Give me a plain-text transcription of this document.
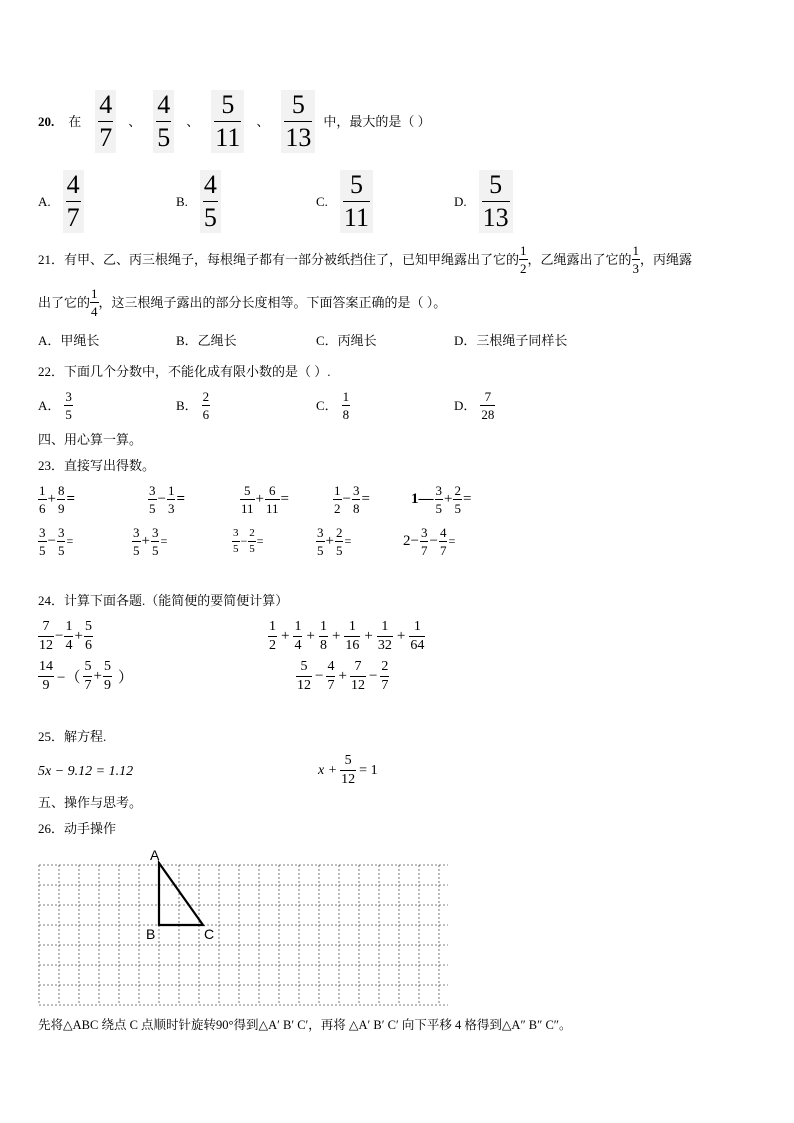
20. 在 $\frac{4}{7}$ 、 $\frac{4}{5}$ 、 $\frac{5}{11}$ 、 $\frac{5}{13}$ 中，最大的是（ ）
A. $\frac{4}{7}$	B. $\frac{4}{5}$	C. $\frac{5}{11}$	D. $\frac{5}{13}$
21．有甲、乙、丙三根绳子，每根绳子都有一部分被纸挡住了，已知甲绳露出了它的 $\frac{1}{2}$ ，乙绳露出了它的 $\frac{1}{3}$ ，丙绳露
出了它的 $\frac{1}{4}$ ，这三根绳子露出的部分长度相等。下面答案正确的是（ ）。
A．甲绳长	B．乙绳长	C．丙绳长	D．三根绳子同样长
22．下面几个分数中，不能化成有限小数的是（ ）.
A． $\frac{3}{5}$	B． $\frac{2}{6}$	C． $\frac{1}{8}$	D． $\frac{7}{28}$
四、用心算一算。
23．直接写出得数。
$\frac{1}{6} + \frac{8}{9}$ =	$\frac{3}{5} - \frac{1}{3}$ =	$\frac{5}{11} + \frac{6}{11}$ =	$\frac{1}{2} - \frac{3}{8}$ =	1— $\frac{3}{5} + \frac{2}{5}$ =
$\frac{3}{5} - \frac{3}{5}$ =	$\frac{3}{5} + \frac{3}{5}$ =	$\frac{3}{5} - \frac{2}{5}$ =	$\frac{3}{5} + \frac{2}{5}$ =	$2- \frac{3}{7} - \frac{4}{7}$ =
24．计算下面各题.（能简便的要简便计算）
$\frac{7}{12} - \frac{1}{4} + \frac{5}{6}$	$\frac{1}{2} + \frac{1}{4} + \frac{1}{8} + \frac{1}{16} + \frac{1}{32} + \frac{1}{64}$
$\frac{14}{9}$ −（ $\frac{5}{7} + \frac{5}{9}$ ）	$\frac{5}{12} - \frac{4}{7} + \frac{7}{12} - \frac{2}{7}$
25．解方程.
5x − 9.12 = 1.12	$x + \frac{5}{12} = 1$
五、操作与思考。
26．动手操作
A
B	C
先将△ABC 绕点 C 点顺时针旋转90°得到△A′ B′ C′，再将 △A′ B′ C′ 向下平移 4 格得到△A″ B″ C″。
